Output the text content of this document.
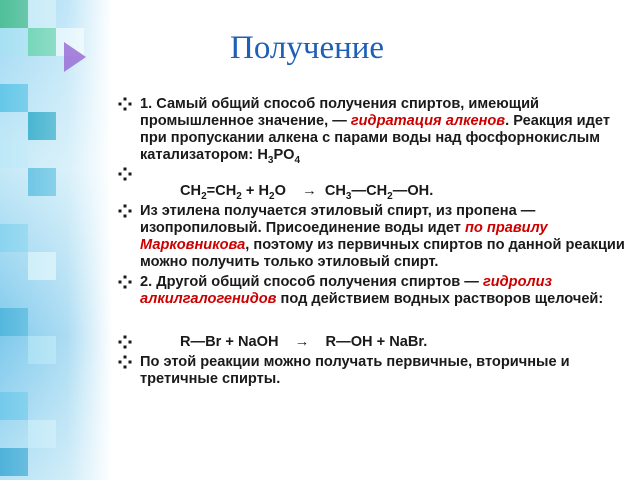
Получение
1. Самый общий способ получения спиртов, имеющий промышленное значение, — гидратация алкенов. Реакция идет при пропускании алкена с парами воды над фосфорнокислым катализатором: $H_3PO_4$
$CH_2=CH_2 + H_2O$    →  $CH_3—CH_2—OH$.
Из этилена получается этиловый спирт, из пропена — изопропиловый. Присоединение воды идет по правилу Марковникова, поэтому из первичных спиртов по данной реакции можно получить только этиловый спирт.
2. Другой общий способ получения спиртов — гидролиз алкилгалогенидов под действием водных растворов щелочей:
R—Br + NaOH    →    R—OH + NaBr.
По этой реакции можно получать первичные, вторичные и третичные спирты.
